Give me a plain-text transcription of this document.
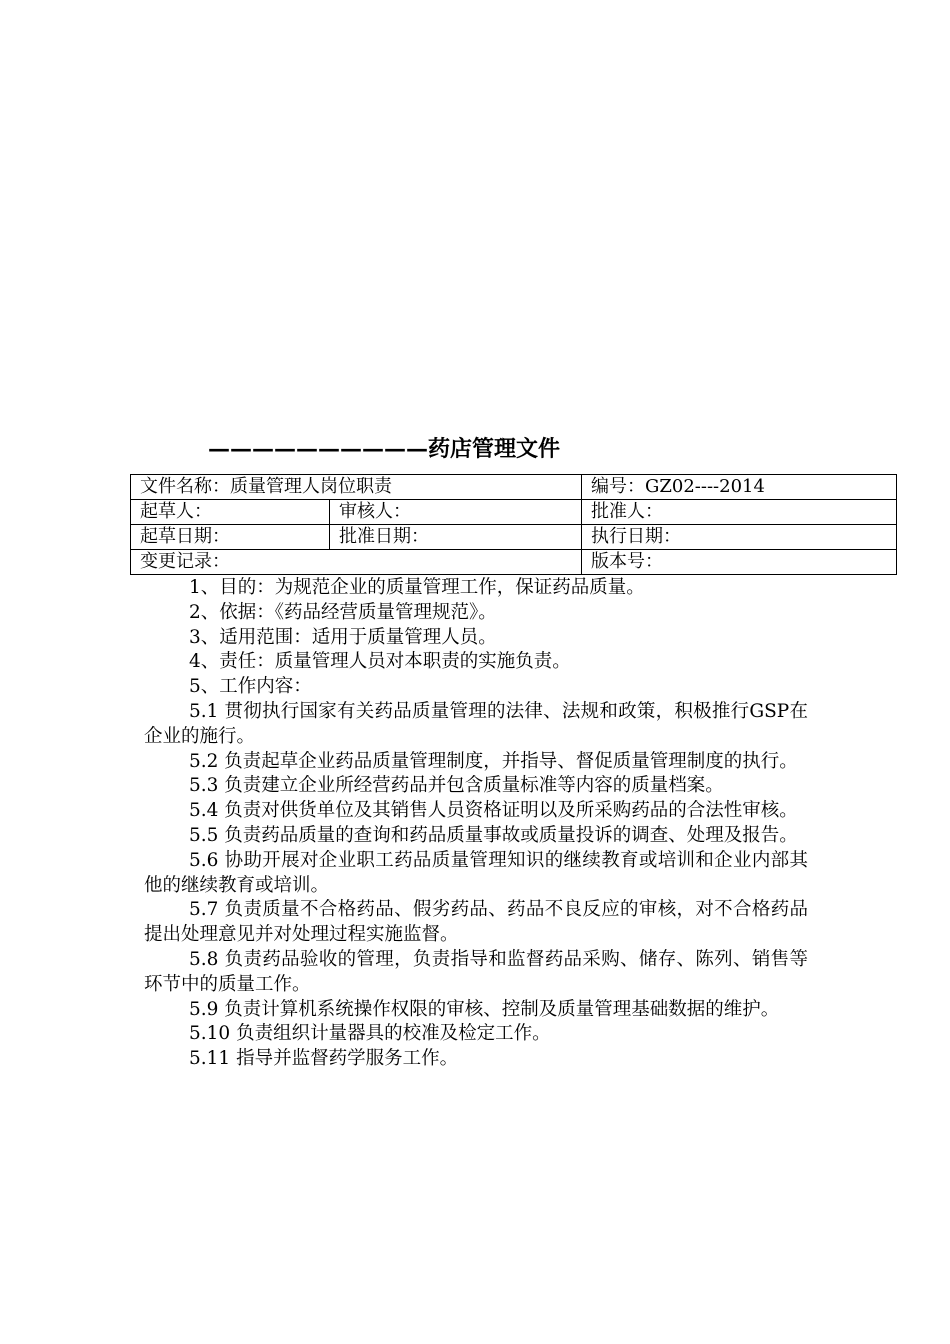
——————————药店管理文件
文件名称：质量管理人岗位职责		编号：GZ02----2014
起草人：	审核人：	批准人：
起草日期：	批准日期：	执行日期：
变更记录：		版本号：

1、目的：为规范企业的质量管理工作，保证药品质量。

2、依据：《药品经营质量管理规范》。

3、适用范围：适用于质量管理人员。

4、责任：质量管理人员对本职责的实施负责。

5、工作内容：

5.1 贯彻执行国家有关药品质量管理的法律、法规和政策，积极推行GSP在企业的施行。

5.2 负责起草企业药品质量管理制度，并指导、督促质量管理制度的执行。

5.3 负责建立企业所经营药品并包含质量标准等内容的质量档案。

5.4 负责对供货单位及其销售人员资格证明以及所采购药品的合法性审核。

5.5 负责药品质量的查询和药品质量事故或质量投诉的调查、处理及报告。

5.6 协助开展对企业职工药品质量管理知识的继续教育或培训和企业内部其他的继续教育或培训。

5.7 负责质量不合格药品、假劣药品、药品不良反应的审核，对不合格药品提出处理意见并对处理过程实施监督。

5.8 负责药品验收的管理，负责指导和监督药品采购、储存、陈列、销售等环节中的质量工作。

5.9 负责计算机系统操作权限的审核、控制及质量管理基础数据的维护。

5.10 负责组织计量器具的校准及检定工作。

5.11 指导并监督药学服务工作。
